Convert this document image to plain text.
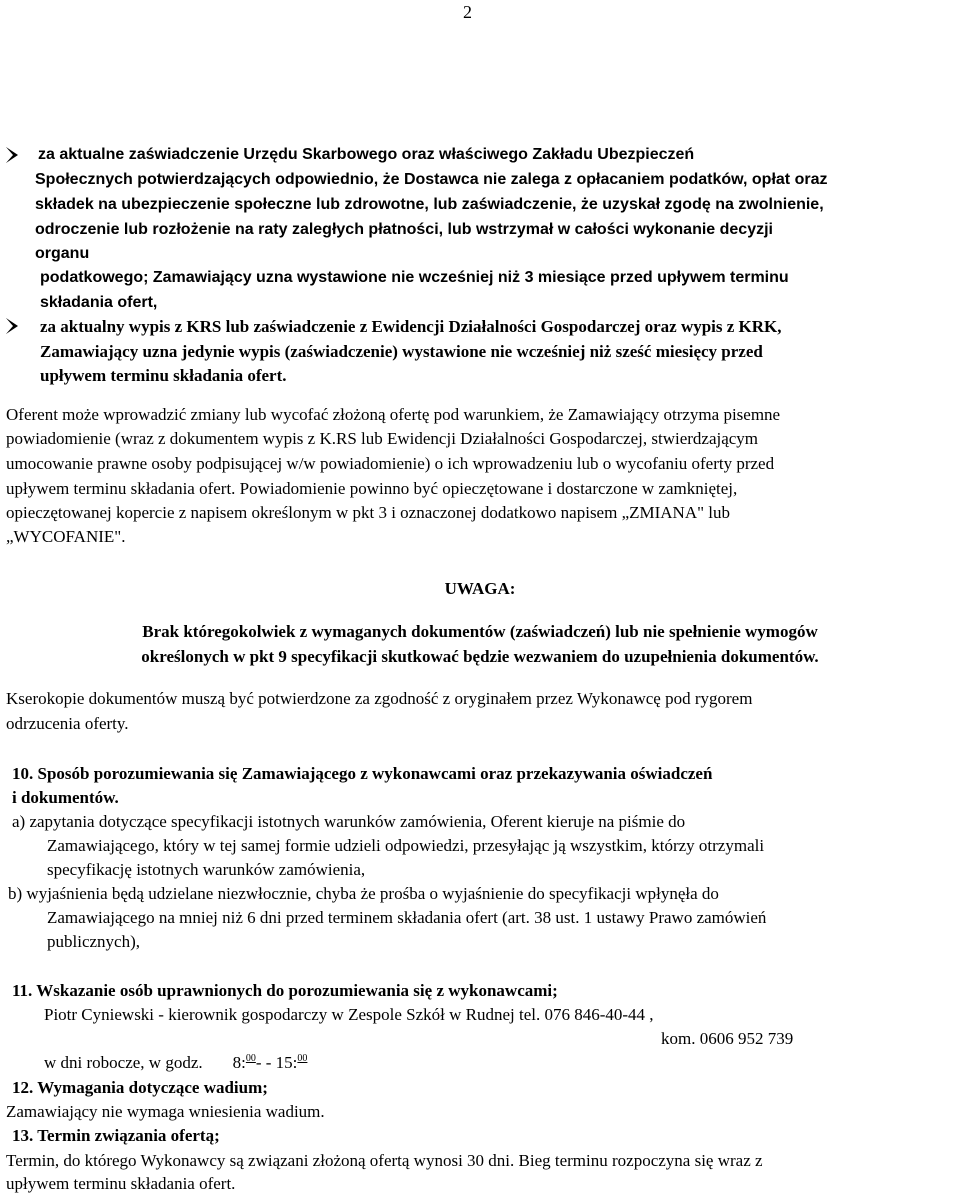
2
za aktualne zaświadczenie Urzędu Skarbowego oraz właściwego Zakładu Ubezpieczeń
Społecznych potwierdzających odpowiednio, że Dostawca nie zalega z opłacaniem podatków, opłat oraz
składek na ubezpieczenie społeczne lub zdrowotne, lub zaświadczenie, że uzyskał zgodę na zwolnienie,
odroczenie lub rozłożenie na raty zaległych płatności, lub wstrzymał w całości wykonanie decyzji
organu
podatkowego; Zamawiający uzna wystawione nie wcześniej niż 3 miesiące przed upływem terminu
składania ofert,
za aktualny wypis z KRS lub zaświadczenie z Ewidencji Działalności Gospodarczej oraz wypis z KRK,
Zamawiający uzna jedynie wypis (zaświadczenie) wystawione nie wcześniej niż sześć miesięcy przed
upływem terminu składania ofert.
Oferent może wprowadzić zmiany lub wycofać złożoną ofertę pod warunkiem, że Zamawiający otrzyma pisemne
powiadomienie (wraz z dokumentem wypis z K.RS lub Ewidencji Działalności Gospodarczej, stwierdzającym
umocowanie prawne osoby podpisującej w/w powiadomienie) o ich wprowadzeniu lub o wycofaniu oferty przed
upływem terminu składania ofert. Powiadomienie powinno być opieczętowane i dostarczone w zamkniętej,
opieczętowanej kopercie z napisem określonym w pkt 3 i oznaczonej dodatkowo napisem „ZMIANA" lub
„WYCOFANIE".
UWAGA:
Brak któregokolwiek z wymaganych dokumentów (zaświadczeń) lub nie spełnienie wymogów
określonych w pkt 9 specyfikacji skutkować będzie wezwaniem do uzupełnienia dokumentów.
Kserokopie dokumentów muszą być potwierdzone za zgodność z oryginałem przez Wykonawcę pod rygorem
odrzucenia oferty.
10. Sposób porozumiewania się Zamawiającego z wykonawcami oraz przekazywania oświadczeń
i dokumentów.
a) zapytania dotyczące specyfikacji istotnych warunków zamówienia, Oferent kieruje na piśmie do
Zamawiającego, który w tej samej formie udzieli odpowiedzi, przesyłając ją wszystkim, którzy otrzymali
specyfikację istotnych warunków zamówienia,
b) wyjaśnienia będą udzielane niezwłocznie, chyba że prośba o wyjaśnienie do specyfikacji wpłynęła do
Zamawiającego na mniej niż 6 dni przed terminem składania ofert (art. 38 ust. 1 ustawy Prawo zamówień
publicznych),
11. Wskazanie osób uprawnionych do porozumiewania się z wykonawcami;
Piotr Cyniewski - kierownik gospodarczy w Zespole Szkół w Rudnej tel. 076 846-40-44 ,
kom. 0606 952 739
w dni robocze, w godz. 8:$^{00}$- - 15:$^{00}$
12. Wymagania dotyczące wadium;
Zamawiający nie wymaga wniesienia wadium.
13. Termin związania ofertą;
Termin, do którego Wykonawcy są związani złożoną ofertą wynosi 30 dni. Bieg terminu rozpoczyna się wraz z
upływem terminu składania ofert.
